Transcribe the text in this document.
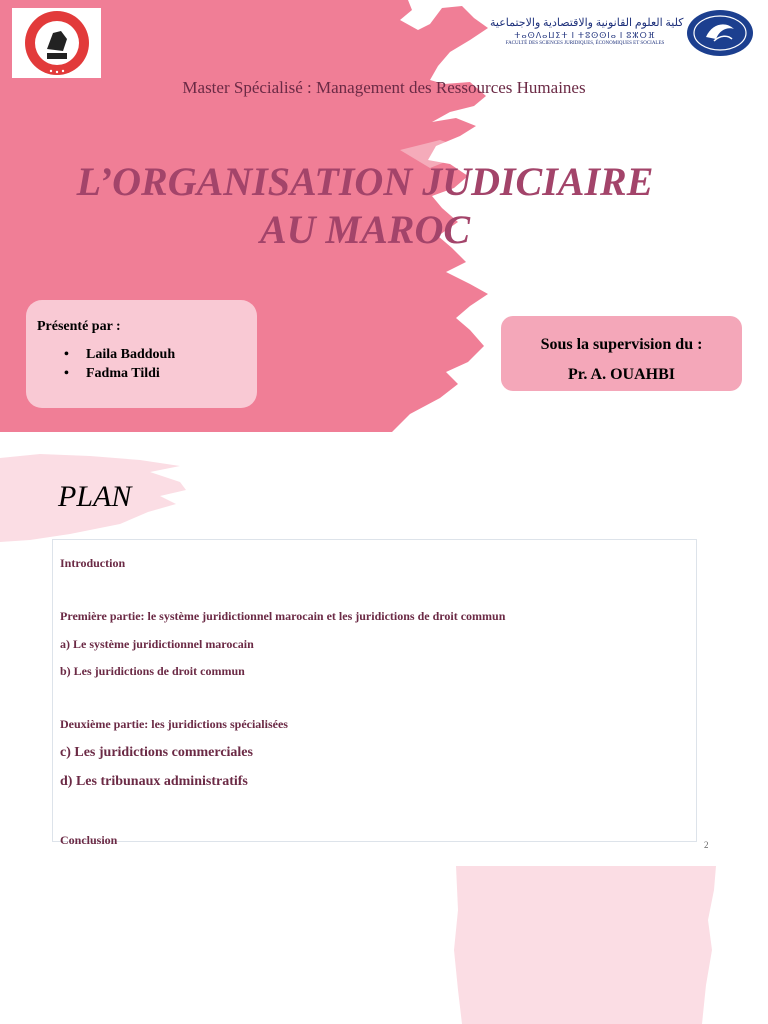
كلية العلوم القانونية والاقتصادية والاجتماعية
ⵜⴰⵙⴷⴰⵡⵉⵜ ⵏ ⵜⵓⵙⵙⵏⴰ ⵏ ⵓⵣⵔⴼ
FACULTÉ DES SCIENCES JURIDIQUES, ÉCONOMIQUES ET SOCIALES
Master Spécialisé : Management des Ressources Humaines
L’ORGANISATION JUDICIAIRE
AU MAROC
Présenté par :
• Laila Baddouh
• Fadma Tildi
Sous la supervision du :
Pr. A. OUAHBI
PLAN
Introduction
Première partie: le système juridictionnel marocain et les juridictions de droit commun
a) Le système juridictionnel marocain
b) Les juridictions de droit commun
Deuxième partie: les juridictions spécialisées
c) Les juridictions commerciales
d) Les tribunaux administratifs
Conclusion	2
